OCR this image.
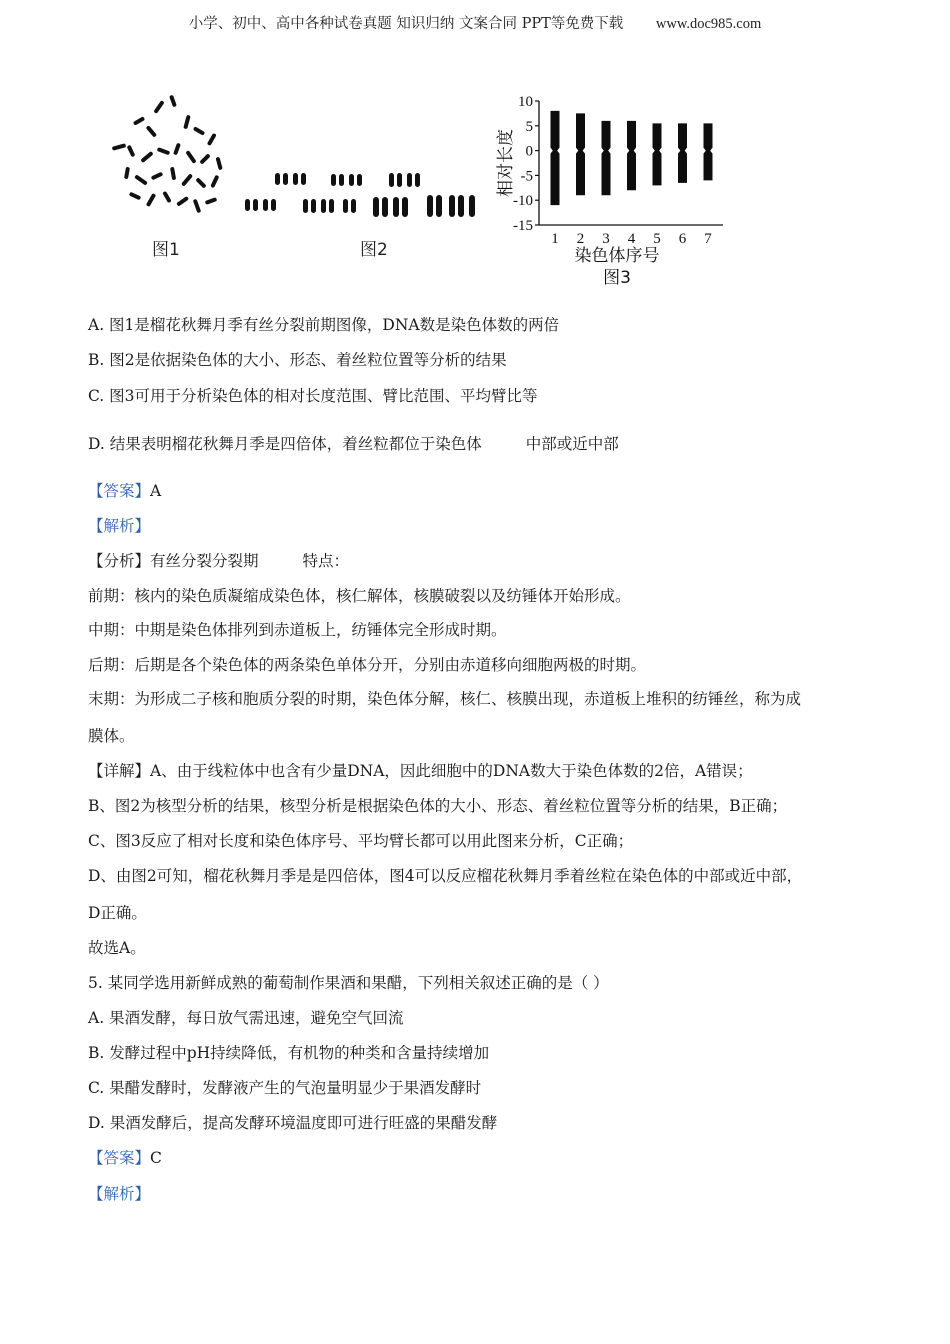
小学、初中、高中各种试卷真题 知识归纳 文案合同 PPT等免费下载 www.doc985.com
图1	图2
相对长度
10
5
0
-5
-10
-15
1 2 3 4 5 6 7
染色体序号
图3
A. 图1是榴花秋舞月季有丝分裂前期图像，DNA数是染色体数的两倍
B. 图2是依据染色体的大小、形态、着丝粒位置等分析的结果
C. 图3可用于分析染色体的相对长度范围、臂比范围、平均臂比等
D. 结果表明榴花秋舞月季是四倍体，着丝粒都位于染色体	中部或近中部
【答案】A
【解析】
【分析】有丝分裂分裂期	特点：
前期：核内的染色质凝缩成染色体，核仁解体，核膜破裂以及纺锤体开始形成。
中期：中期是染色体排列到赤道板上，纺锤体完全形成时期。
后期：后期是各个染色体的两条染色单体分开，分别由赤道移向细胞两极的时期。
末期：为形成二子核和胞质分裂的时期，染色体分解，核仁、核膜出现，赤道板上堆积的纺锤丝，称为成
膜体。
【详解】A、由于线粒体中也含有少量DNA，因此细胞中的DNA数大于染色体数的2倍，A错误；
B、图2为核型分析的结果，核型分析是根据染色体的大小、形态、着丝粒位置等分析的结果，B正确；
C、图3反应了相对长度和染色体序号、平均臂长都可以用此图来分析，C正确；
D、由图2可知，榴花秋舞月季是是四倍体，图4可以反应榴花秋舞月季着丝粒在染色体的中部或近中部，
D正确。
故选A。
5. 某同学选用新鲜成熟的葡萄制作果酒和果醋，下列相关叙述正确的是（ ）
A. 果酒发酵，每日放气需迅速，避免空气回流
B. 发酵过程中pH持续降低，有机物的种类和含量持续增加
C. 果醋发酵时，发酵液产生的气泡量明显少于果酒发酵时
D. 果酒发酵后，提高发酵环境温度即可进行旺盛的果醋发酵
【答案】C
【解析】
